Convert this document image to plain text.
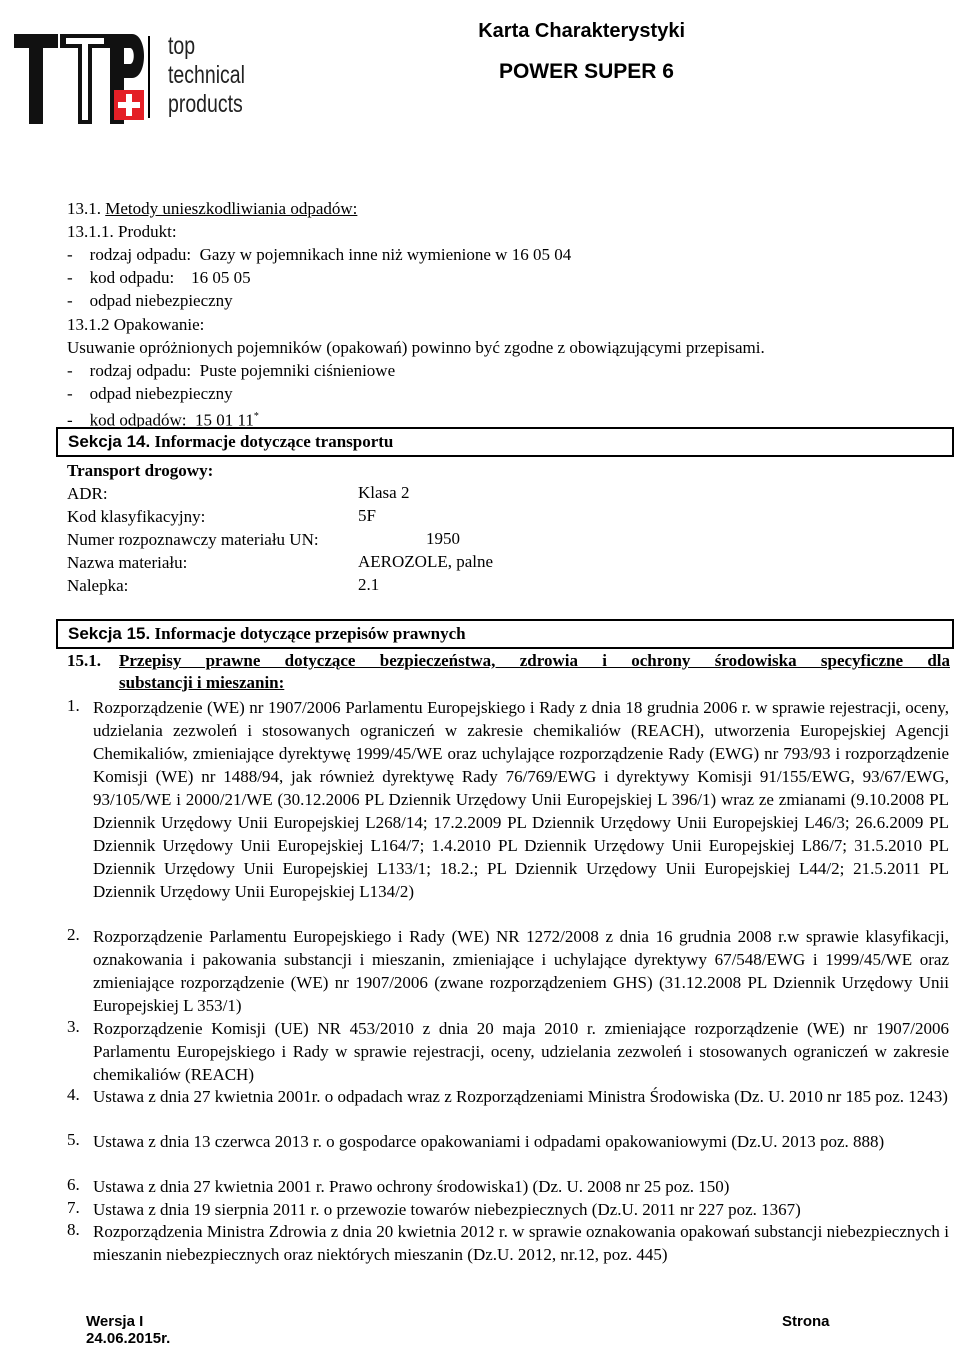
top
technical
products
Karta Charakterystyki
POWER SUPER 6
13.1. Metody unieszkodliwiania odpadów:
13.1.1. Produkt:
-    rodzaj odpadu:  Gazy w pojemnikach inne niż wymienione w 16 05 04
-    kod odpadu:    16 05 05
-    odpad niebezpieczny
13.1.2 Opakowanie:
Usuwanie opróżnionych pojemników (opakowań) powinno być zgodne z obowiązującymi przepisami.
-    rodzaj odpadu:  Puste pojemniki ciśnieniowe
-    odpad niebezpieczny
-    kod odpadów:  15 01 11*
Sekcja 14. Informacje dotyczące transportu
Transport drogowy:
ADR:	Klasa 2
Kod klasyfikacyjny:	5F
Numer rozpoznawczy materiału UN:	1950
Nazwa materiału:	AEROZOLE, palne
Nalepka:	2.1
Sekcja 15. Informacje dotyczące przepisów prawnych
15.1. Przepisy prawne dotyczące bezpieczeństwa, zdrowia i ochrony środowiska specyficzne dla
substancji i mieszanin:
1. Rozporządzenie (WE) nr 1907/2006 Parlamentu Europejskiego i Rady z dnia 18 grudnia 2006 r. w sprawie rejestracji, oceny, udzielania zezwoleń i stosowanych ograniczeń w zakresie chemikaliów (REACH), utworzenia Europejskiej Agencji Chemikaliów, zmieniające dyrektywę 1999/45/WE oraz uchylające rozporządzenie Rady (EWG) nr 793/93 i rozporządzenie Komisji (WE) nr 1488/94, jak również dyrektywę Rady 76/769/EWG i dyrektywy Komisji 91/155/EWG, 93/67/EWG, 93/105/WE i 2000/21/WE (30.12.2006 PL Dziennik Urzędowy Unii Europejskiej L 396/1) wraz ze zmianami (9.10.2008 PL Dziennik Urzędowy Unii Europejskiej L268/14; 17.2.2009 PL Dziennik Urzędowy Unii Europejskiej L46/3; 26.6.2009 PL Dziennik Urzędowy Unii Europejskiej L164/7; 1.4.2010 PL Dziennik Urzędowy Unii Europejskiej L86/7; 31.5.2010 PL Dziennik Urzędowy Unii Europejskiej L133/1; 18.2.; PL Dziennik Urzędowy Unii Europejskiej L44/2; 21.5.2011 PL Dziennik Urzędowy Unii Europejskiej L134/2)
2. Rozporządzenie Parlamentu Europejskiego i Rady (WE) NR 1272/2008 z dnia 16 grudnia 2008 r.w sprawie klasyfikacji, oznakowania i pakowania substancji i mieszanin, zmieniające i uchylające dyrektywy 67/548/EWG i 1999/45/WE oraz zmieniające rozporządzenie (WE) nr 1907/2006 (zwane rozporządzeniem GHS) (31.12.2008 PL Dziennik Urzędowy Unii Europejskiej L 353/1)
3. Rozporządzenie Komisji (UE) NR 453/2010 z dnia 20 maja 2010 r. zmieniające rozporządzenie (WE) nr 1907/2006 Parlamentu Europejskiego i Rady w sprawie rejestracji, oceny, udzielania zezwoleń i stosowanych ograniczeń w zakresie chemikaliów (REACH)
4. Ustawa z dnia 27 kwietnia 2001r. o odpadach wraz z Rozporządzeniami Ministra Środowiska (Dz. U. 2010 nr 185 poz. 1243)
5. Ustawa z dnia 13 czerwca 2013 r. o gospodarce opakowaniami i odpadami opakowaniowymi (Dz.U. 2013 poz. 888)
6. Ustawa z dnia 27 kwietnia 2001 r. Prawo ochrony środowiska1) (Dz. U. 2008 nr 25 poz. 150)
7. Ustawa z dnia 19 sierpnia 2011 r. o przewozie towarów niebezpiecznych (Dz.U. 2011 nr 227 poz. 1367)
8. Rozporządzenia Ministra Zdrowia z dnia 20 kwietnia 2012 r. w sprawie oznakowania opakowań substancji niebezpiecznych i mieszanin niebezpiecznych oraz niektórych mieszanin (Dz.U. 2012, nr.12, poz. 445)
Wersja I
24.06.2015r.
Strona
